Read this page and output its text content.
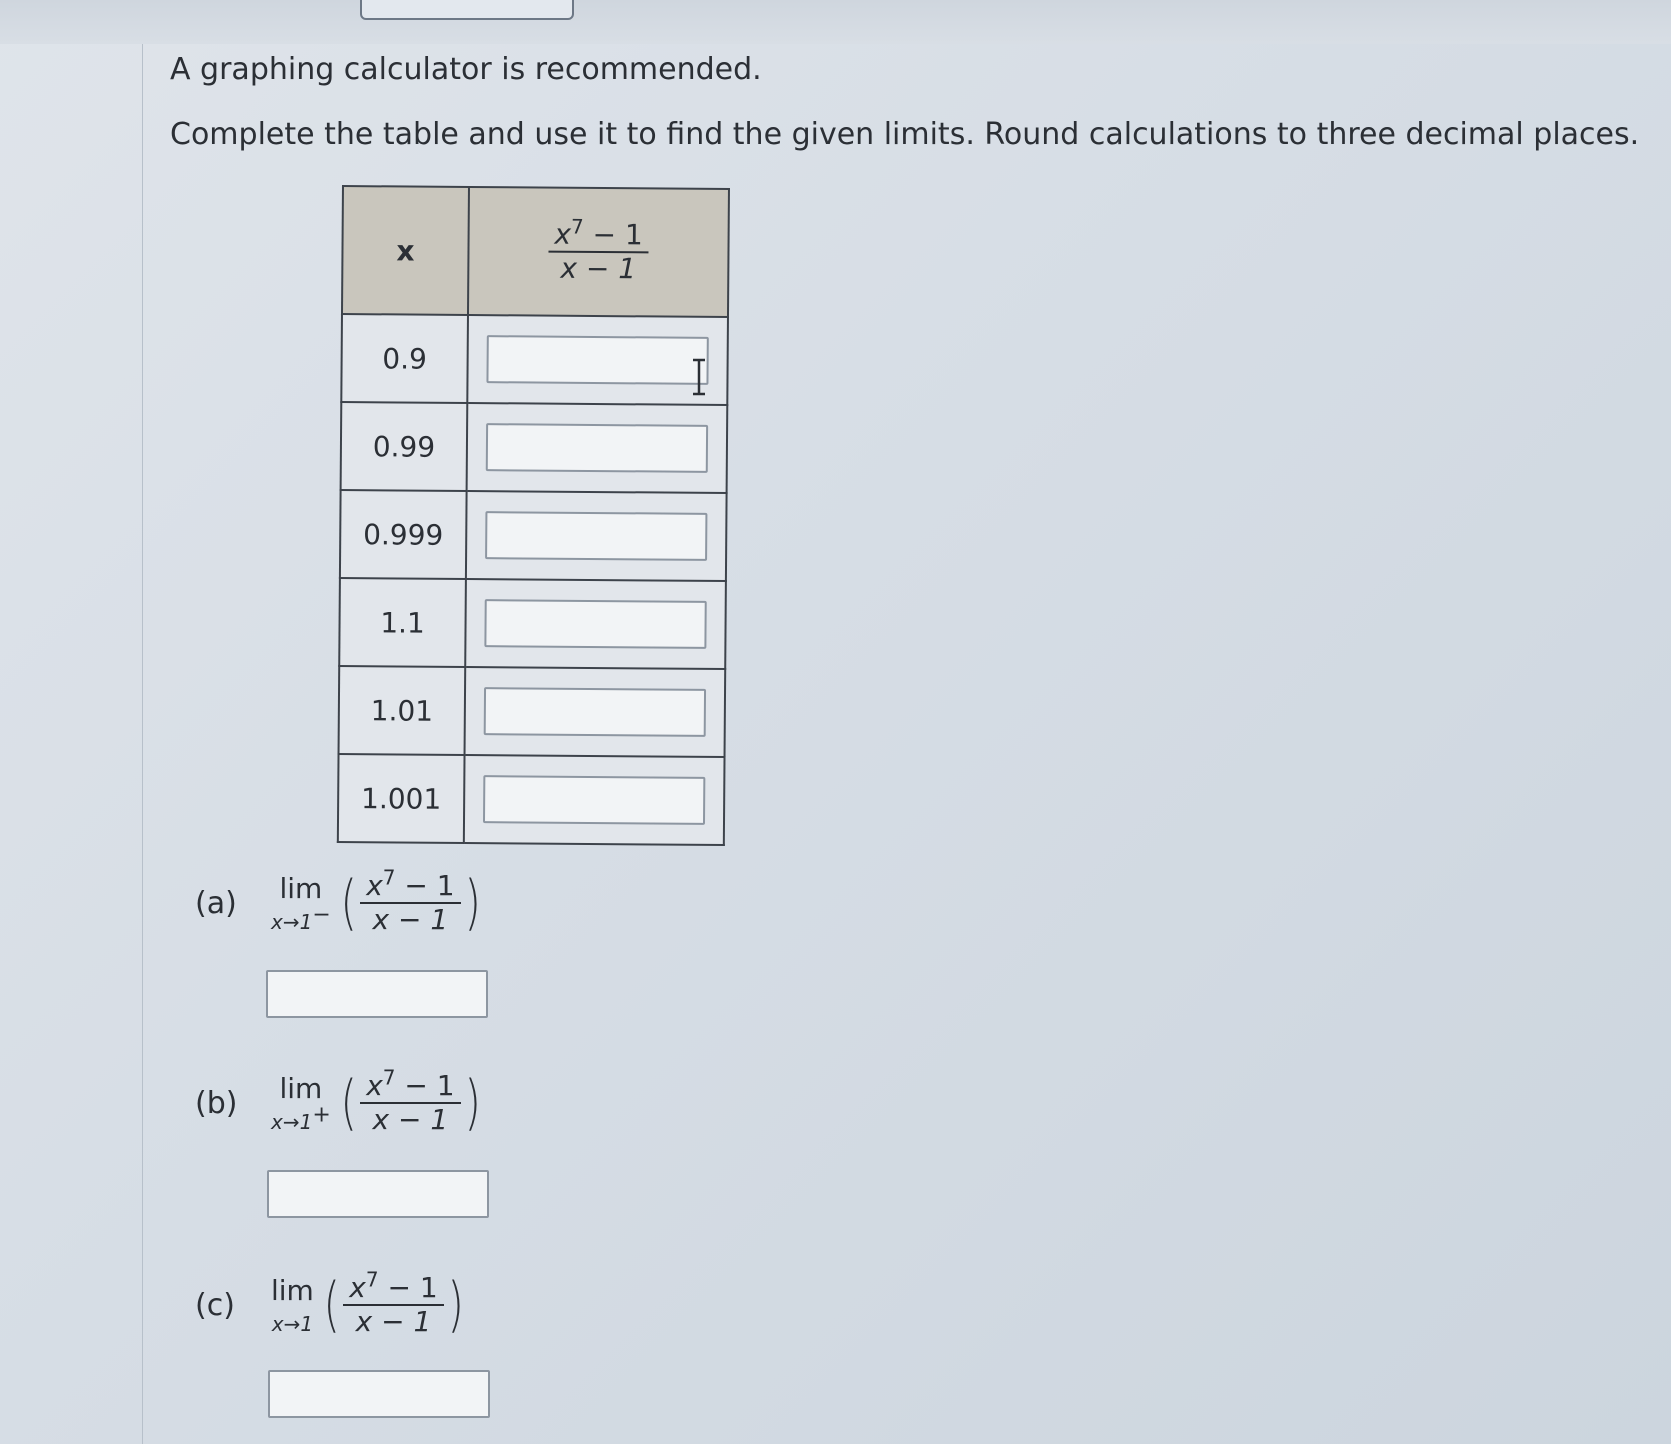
A graphing calculator is recommended.
Complete the table and use it to find the given limits. Round calculations to three decimal places.
x	$\frac{x^7 - 1}{x - 1}$

0.9	
0.99	
0.999	
1.1	
1.01	
1.001	
(a)	lim
x→1− ( $\frac{x^7 - 1}{x - 1}$ )
(b)	lim
x→1+ ( $\frac{x^7 - 1}{x - 1}$ )
(c)	lim
x→1 ( $\frac{x^7 - 1}{x - 1}$ )
